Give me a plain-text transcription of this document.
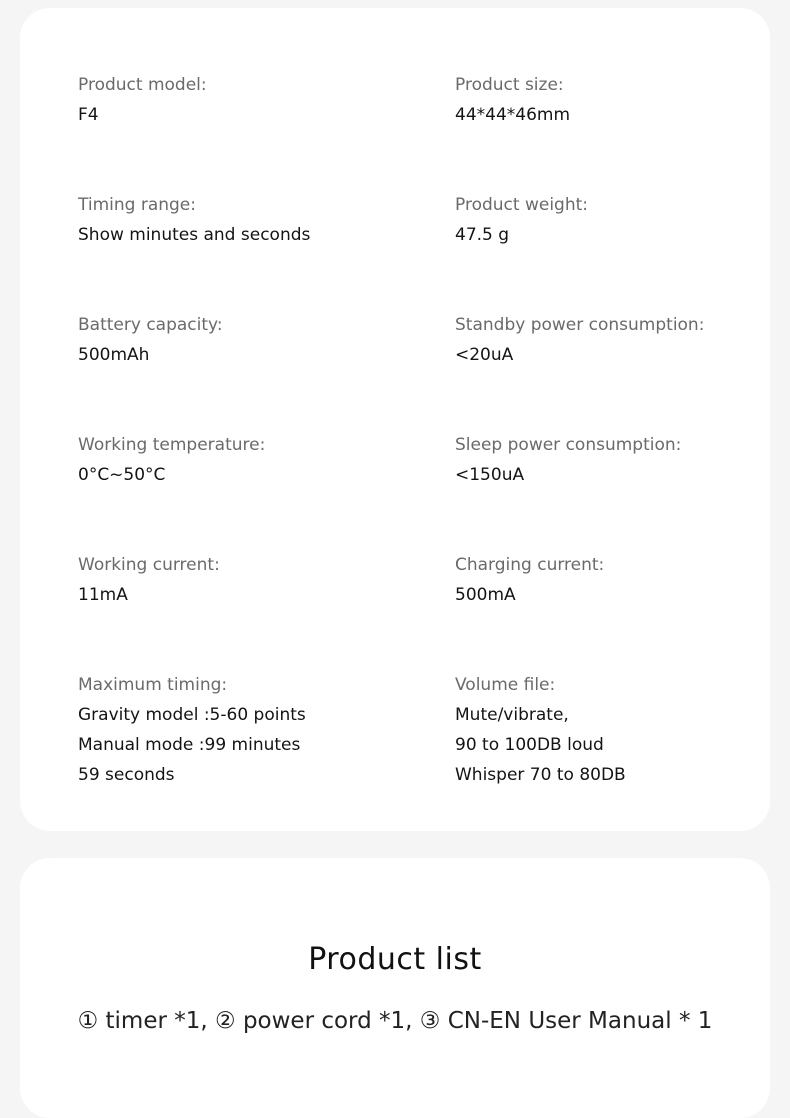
Product model:
F4
Product size:
44*44*46mm
Timing range:
Show minutes and seconds
Product weight:
47.5 g
Battery capacity:
500mAh
Standby power consumption:
<20uA
Working temperature:
0°C~50°C
Sleep power consumption:
<150uA
Working current:
11mA
Charging current:
500mA
Maximum timing:
Gravity model :5-60 points
Manual mode :99 minutes
59 seconds
Volume file:
Mute/vibrate,
90 to 100DB loud
Whisper 70 to 80DB
Product list
① timer *1, ② power cord *1, ③ CN-EN User Manual * 1
